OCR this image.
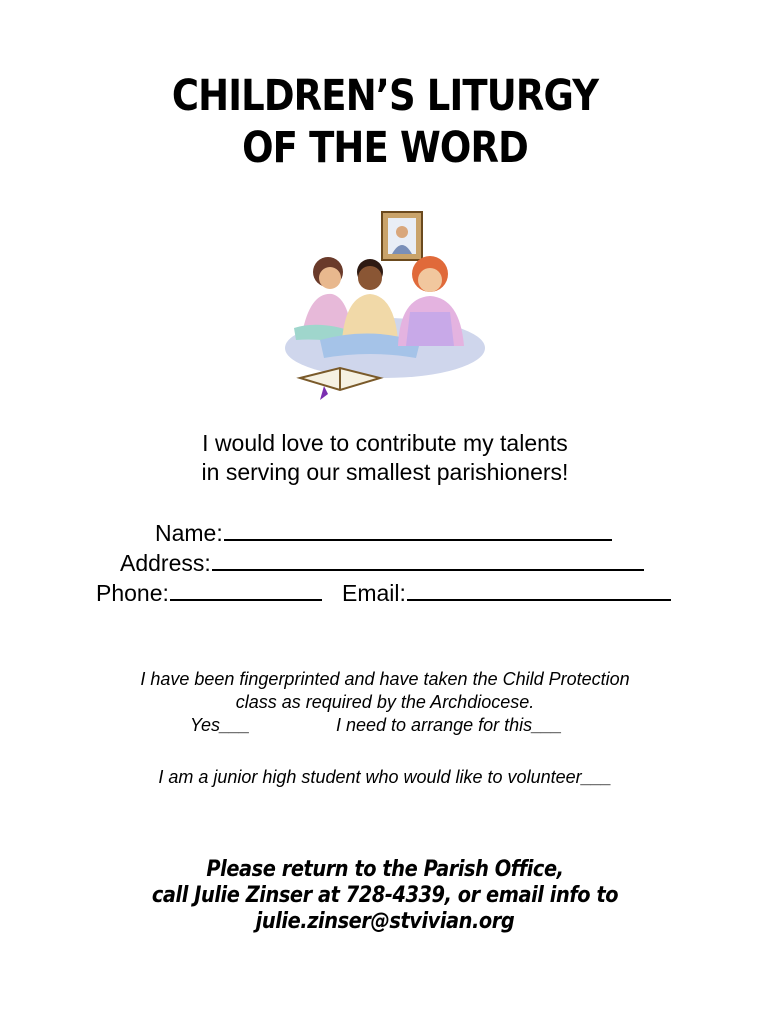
CHILDREN’S LITURGY
OF THE WORD
I would love to contribute my talents
in serving our smallest parishioners!
Name:
Address:
Phone:	Email:
I have been fingerprinted and have taken the Child Protection
class as required by the Archdiocese.
Yes___	I need to arrange for this___
I am a junior high student who would like to volunteer___
Please return to the Parish Office,
call Julie Zinser at 728-4339, or email info to
julie.zinser@stvivian.org
